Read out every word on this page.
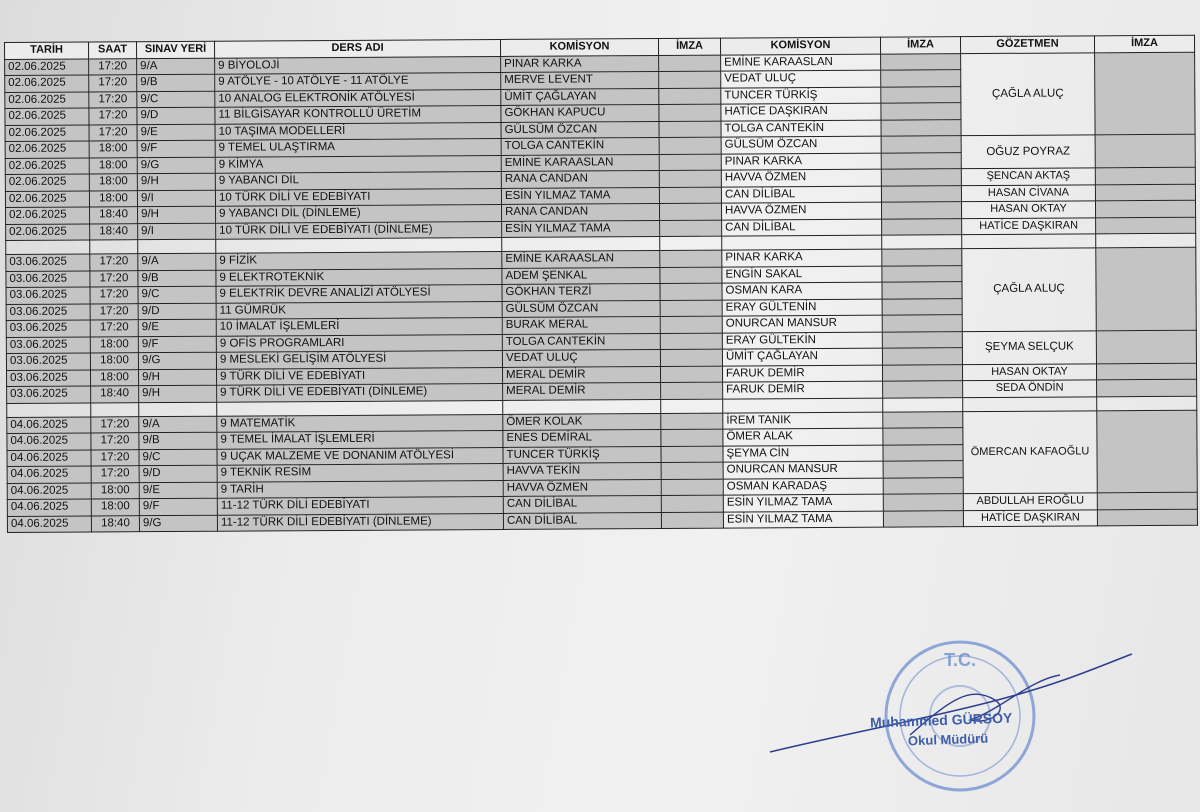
TARİH	SAAT	SINAV YERİ	DERS ADI	KOMİSYON	İMZA	KOMİSYON	İMZA	GÖZETMEN	İMZA
02.06.2025	17:20	9/A	9 BİYOLOJİ	PINAR KARKA		EMİNE KARAASLAN		ÇAĞLA ALUÇ	
02.06.2025	17:20	9/B	9 ATÖLYE - 10 ATÖLYE - 11 ATÖLYE	MERVE LEVENT		VEDAT ULUÇ			
02.06.2025	17:20	9/C	10 ANALOG ELEKTRONİK ATÖLYESİ	ÜMİT ÇAĞLAYAN		TUNCER TÜRKİŞ			
02.06.2025	17:20	9/D	11 BİLGİSAYAR KONTROLLÜ ÜRETİM	GÖKHAN KAPUCU		HATİCE DAŞKIRAN			
02.06.2025	17:20	9/E	10 TAŞIMA MODELLERİ	GÜLSÜM ÖZCAN		TOLGA CANTEKİN			
02.06.2025	18:00	9/F	9 TEMEL ULAŞTIRMA	TOLGA CANTEKİN		GÜLSÜM ÖZCAN		OĞUZ POYRAZ	
02.06.2025	18:00	9/G	9 KİMYA	EMİNE KARAASLAN		PINAR KARKA			
02.06.2025	18:00	9/H	9 YABANCI DİL	RANA CANDAN		HAVVA ÖZMEN		ŞENCAN AKTAŞ	
02.06.2025	18:00	9/I	10 TÜRK DİLİ VE EDEBİYATI	ESİN YILMAZ TAMA		CAN DİLİBAL		HASAN CİVANA	
02.06.2025	18:40	9/H	9 YABANCI DİL (DİNLEME)	RANA CANDAN		HAVVA ÖZMEN		HASAN OKTAY	
02.06.2025	18:40	9/I	10 TÜRK DİLİ VE EDEBİYATI (DİNLEME)	ESİN YILMAZ TAMA		CAN DİLİBAL		HATİCE DAŞKIRAN	

03.06.2025	17:20	9/A	9 FİZİK	EMİNE KARAASLAN		PINAR KARKA		ÇAĞLA ALUÇ	
03.06.2025	17:20	9/B	9 ELEKTROTEKNİK	ADEM ŞENKAL		ENGİN SAKAL			
03.06.2025	17:20	9/C	9 ELEKTRİK DEVRE ANALİZİ ATÖLYESİ	GÖKHAN TERZİ		OSMAN KARA			
03.06.2025	17:20	9/D	11 GÜMRÜK	GÜLSÜM ÖZCAN		ERAY GÜLTENİN			
03.06.2025	17:20	9/E	10 İMALAT İŞLEMLERİ	BURAK MERAL		ONURCAN MANSUR			
03.06.2025	18:00	9/F	9 OFİS PROGRAMLARI	TOLGA CANTEKİN		ERAY GÜLTEKİN		ŞEYMA SELÇUK	
03.06.2025	18:00	9/G	9 MESLEKİ GELİŞİM ATÖLYESİ	VEDAT ULUÇ		ÜMİT ÇAĞLAYAN			
03.06.2025	18:00	9/H	9 TÜRK DİLİ VE EDEBİYATI	MERAL DEMİR		FARUK DEMİR		HASAN OKTAY	
03.06.2025	18:40	9/H	9 TÜRK DİLİ VE EDEBİYATI (DİNLEME)	MERAL DEMİR		FARUK DEMİR		SEDA ÖNDİN	

04.06.2025	17:20	9/A	9 MATEMATİK	ÖMER KOLAK		İREM TANIK		ÖMERCAN KAFAOĞLU	
04.06.2025	17:20	9/B	9 TEMEL İMALAT İŞLEMLERİ	ENES DEMİRAL		ÖMER ALAK			
04.06.2025	17:20	9/C	9 UÇAK MALZEME VE DONANIM ATÖLYESİ	TUNCER TÜRKİŞ		ŞEYMA CİN			
04.06.2025	17:20	9/D	9 TEKNİK RESİM	HAVVA TEKİN		ONURCAN MANSUR			
04.06.2025	18:00	9/E	9 TARİH	HAVVA ÖZMEN		OSMAN KARADAŞ			
04.06.2025	18:00	9/F	11-12 TÜRK DİLİ EDEBİYATI	CAN DİLİBAL		ESİN YILMAZ TAMA		ABDULLAH EROĞLU	
04.06.2025	18:40	9/G	11-12 TÜRK DİLİ EDEBİYATI (DİNLEME)	CAN DİLİBAL		ESİN YILMAZ TAMA		HATİCE DAŞKIRAN	
T.C.
Muhammed GÜRSOY
Okul Müdürü
